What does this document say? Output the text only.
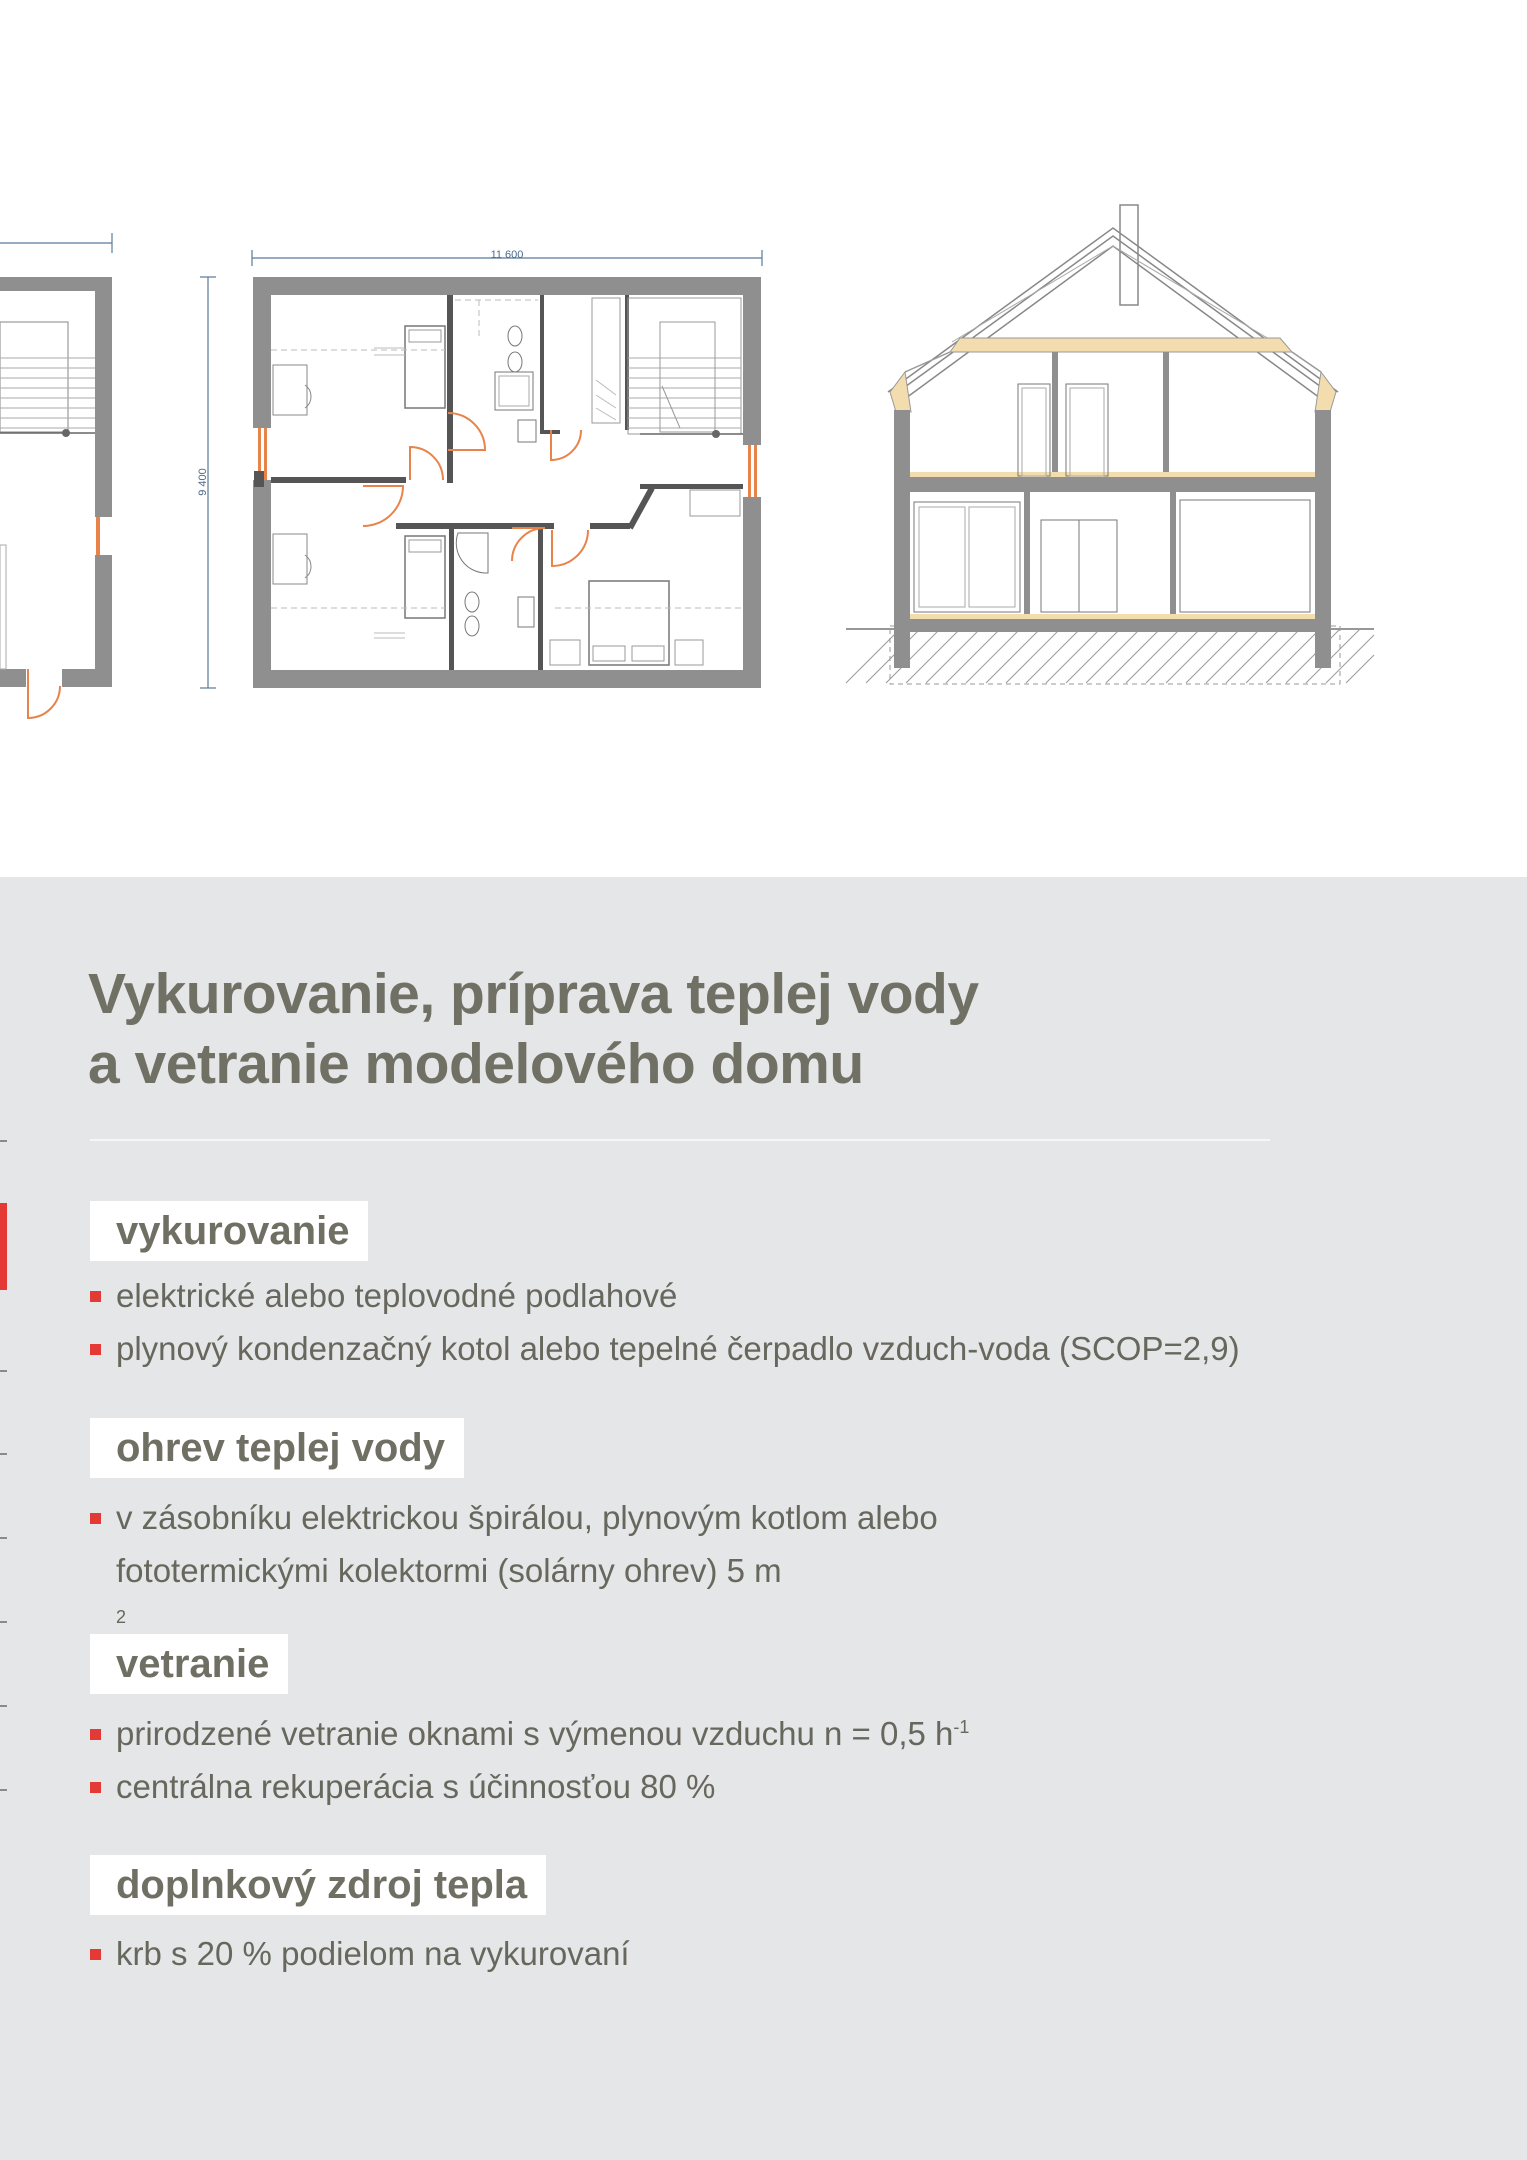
11 600
9 400
Vykurovanie, príprava teplej vody
a vetranie modelového domu
vykurovanie
elektrické alebo teplovodné podlahové
plynový kondenzačný kotol alebo tepelné čerpadlo vzduch-voda (SCOP=2,9)
ohrev teplej vody
v zásobníku elektrickou špirálou, plynovým kotlom alebo
fototermickými kolektormi (solárny ohrev) 5 m
$^2$
vetranie
prirodzené vetranie oknami s výmenou vzduchu n = 0,5 $h^{-1}$
centrálna rekuperácia s účinnosťou 80 %
doplnkový zdroj tepla
krb s 20 % podielom na vykurovaní
